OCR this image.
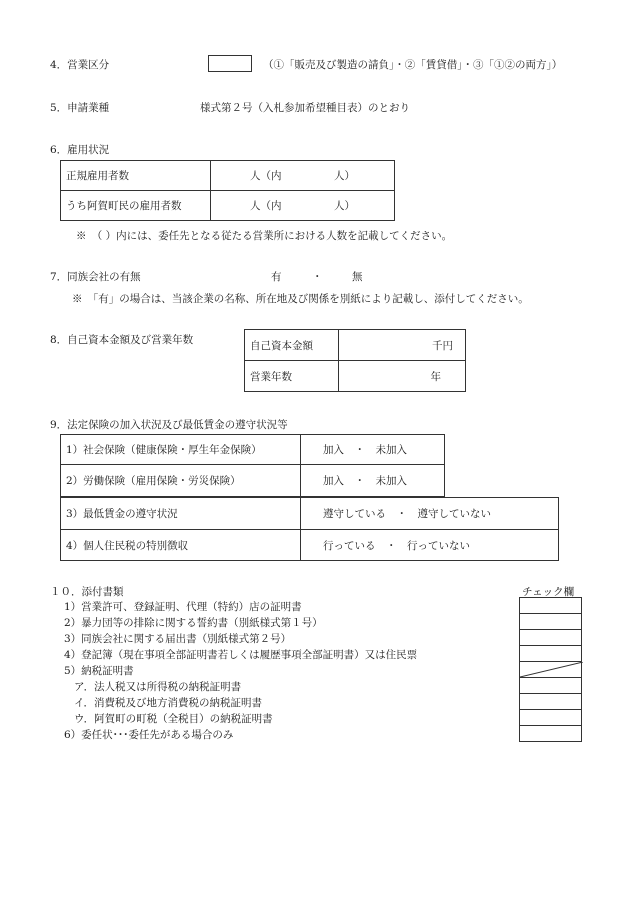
4．営業区分	（①「販売及び製造の請負」・②「賃貸借」・③「①②の両方」）
5．申請業種	様式第２号（入札参加希望種目表）のとおり
6．雇用状況
正規雇用者数	人（内　　　　　人）
うち阿賀町民の雇用者数	人（内　　　　　人）
※　（ ）内には、委任先となる従たる営業所における人数を記載してください。
7．同族会社の有無	有	・	無
※　「有」の場合は、当該企業の名称、所在地及び関係を別紙により記載し、添付してください。
8．自己資本金額及び営業年数	自己資本金額	千円
営業年数	年
9．法定保険の加入状況及び最低賃金の遵守状況等
1）社会保険（健康保険・厚生年金保険）	加入　・　未加入
2）労働保険（雇用保険・労災保険）	加入　・　未加入
3）最低賃金の遵守状況	遵守している　・　遵守していない
4）個人住民税の特別徴収	行っている　・　行っていない
１０．添付書類	チェック欄
1）営業許可、登録証明、代理（特約）店の証明書
2）暴力団等の排除に関する誓約書（別紙様式第１号）
3）同族会社に関する届出書（別紙様式第２号）
4）登記簿（現在事項全部証明書若しくは履歴事項全部証明書）又は住民票
5）納税証明書
ア．法人税又は所得税の納税証明書
イ．消費税及び地方消費税の納税証明書
ウ．阿賀町の町税（全税目）の納税証明書
6）委任状･･･委任先がある場合のみ
